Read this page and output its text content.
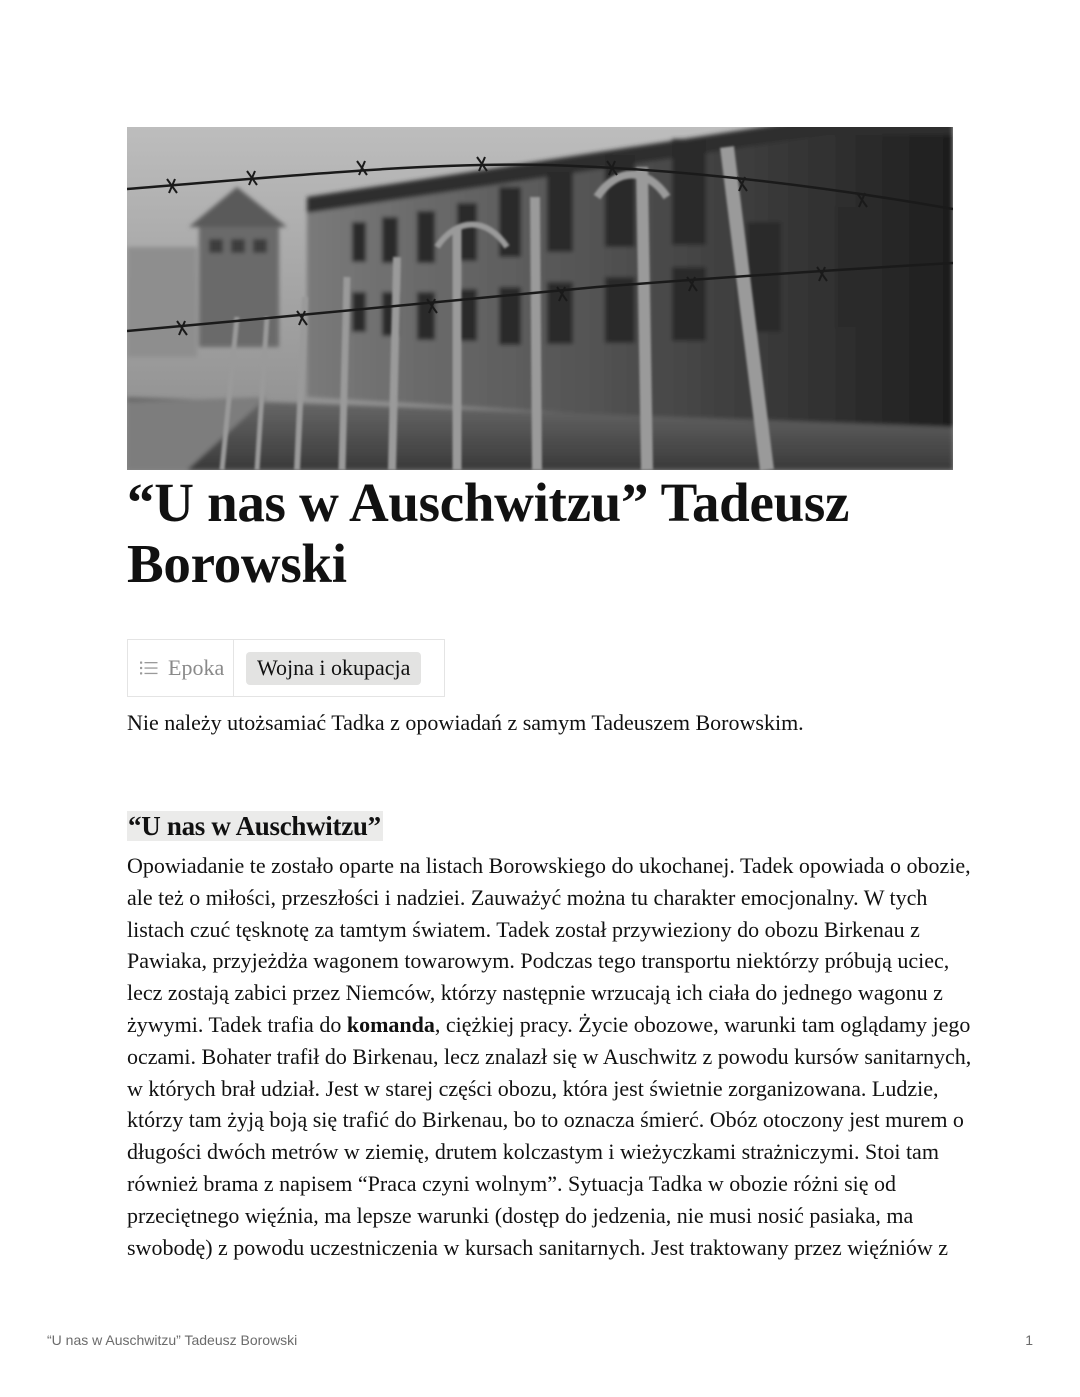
“U nas w Auschwitzu” Tadeusz Borowski
Epoka	Wojna i okupacja

Nie należy utożsamiać Tadka z opowiadań z samym Tadeuszem Borowskim.

“U nas w Auschwitzu”

Opowiadanie te zostało oparte na listach Borowskiego do ukochanej. Tadek opowiada o obozie,
ale też o miłości, przeszłości i nadziei. Zauważyć można tu charakter emocjonalny. W tych
listach czuć tęsknotę za tamtym światem. Tadek został przywieziony do obozu Birkenau z
Pawiaka, przyjeżdża wagonem towarowym. Podczas tego transportu niektórzy próbują uciec,
lecz zostają zabici przez Niemców, którzy następnie wrzucają ich ciała do jednego wagonu z
żywymi. Tadek trafia do komanda, ciężkiej pracy. Życie obozowe, warunki tam oglądamy jego
oczami. Bohater trafił do Birkenau, lecz znalazł się w Auschwitz z powodu kursów sanitarnych,
w których brał udział. Jest w starej części obozu, która jest świetnie zorganizowana. Ludzie,
którzy tam żyją boją się trafić do Birkenau, bo to oznacza śmierć. Obóz otoczony jest murem o
długości dwóch metrów w ziemię, drutem kolczastym i wieżyczkami strażniczymi. Stoi tam
również brama z napisem “Praca czyni wolnym”. Sytuacja Tadka w obozie różni się od
przeciętnego więźnia, ma lepsze warunki (dostęp do jedzenia, nie musi nosić pasiaka, ma
swobodę) z powodu uczestniczenia w kursach sanitarnych. Jest traktowany przez więźniów z

“U nas w Auschwitzu” Tadeusz Borowski	1
